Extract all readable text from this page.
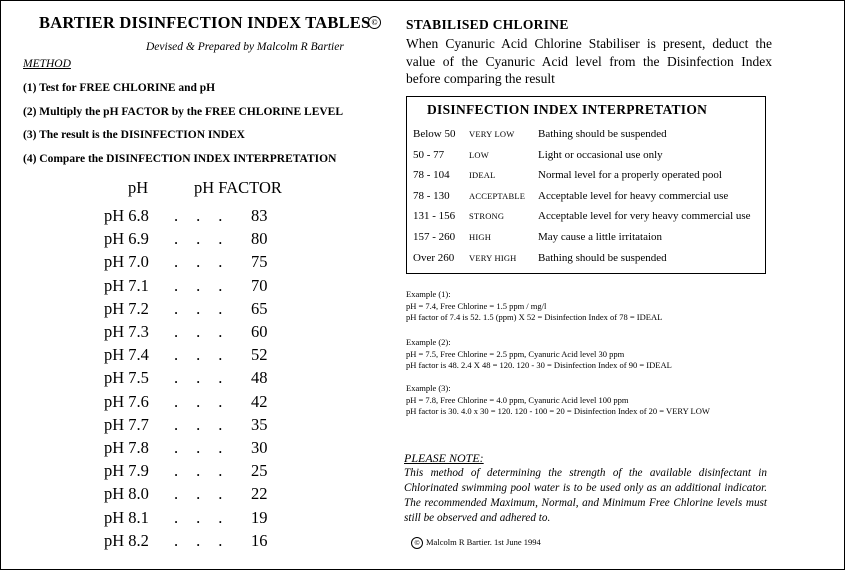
BARTIER DISINFECTION INDEX TABLES ©
Devised & Prepared by Malcolm R Bartier
METHOD
(1) Test for FREE CHLORINE and pH
(2) Multiply the pH FACTOR by the FREE CHLORINE LEVEL
(3) The result is the DISINFECTION INDEX
(4) Compare the DISINFECTION INDEX INTERPRETATION
pH	pH FACTOR
pH 6.8 ... 83
pH 6.9 ... 80
pH 7.0 ... 75
pH 7.1 ... 70
pH 7.2 ... 65
pH 7.3 ... 60
pH 7.4 ... 52
pH 7.5 ... 48
pH 7.6 ... 42
pH 7.7 ... 35
pH 7.8 ... 30
pH 7.9 ... 25
pH 8.0 ... 22
pH 8.1 ... 19
pH 8.2 ... 16
STABILISED CHLORINE
When Cyanuric Acid Chlorine Stabiliser is present, deduct the value of the Cyanuric Acid level from the Disinfection Index before comparing the result
DISINFECTION INDEX INTERPRETATION
Below 50 VERY LOW Bathing should be suspended
50 - 77	LOW	Light or occasional use only
78 - 104 IDEAL	Normal level for a properly operated pool
78 - 130 ACCEPTABLE Acceptable level for heavy commercial use
131 - 156 STRONG	Acceptable level for very heavy commercial use
157 - 260 HIGH	May cause a little irritataion
Over 260 VERY HIGH Bathing should be suspended
Example (1):
pH = 7.4, Free Chlorine = 1.5 ppm / mg/l
pH factor of 7.4 is 52. 1.5 (ppm) X 52 = Disinfection Index of 78 = IDEAL
Example (2):
pH = 7.5, Free Chlorine = 2.5 ppm, Cyanuric Acid level 30 ppm
pH factor is 48. 2.4 X 48 = 120. 120 - 30 = Disinfection Index of 90 = IDEAL
Example (3):
pH = 7.8, Free Chlorine = 4.0 ppm, Cyanuric Acid level 100 ppm
pH factor is 30. 4.0 x 30 = 120. 120 - 100 = 20 = Disinfection Index of 20 = VERY LOW
PLEASE NOTE:
This method of determining the strength of the available disinfectant in Chlorinated swimming pool water is to be used only as an additional indicator. The recommended Maximum, Normal, and Minimum Free Chlorine levels must still be observed and adhered to.
© Malcolm R Bartier. 1st June 1994
